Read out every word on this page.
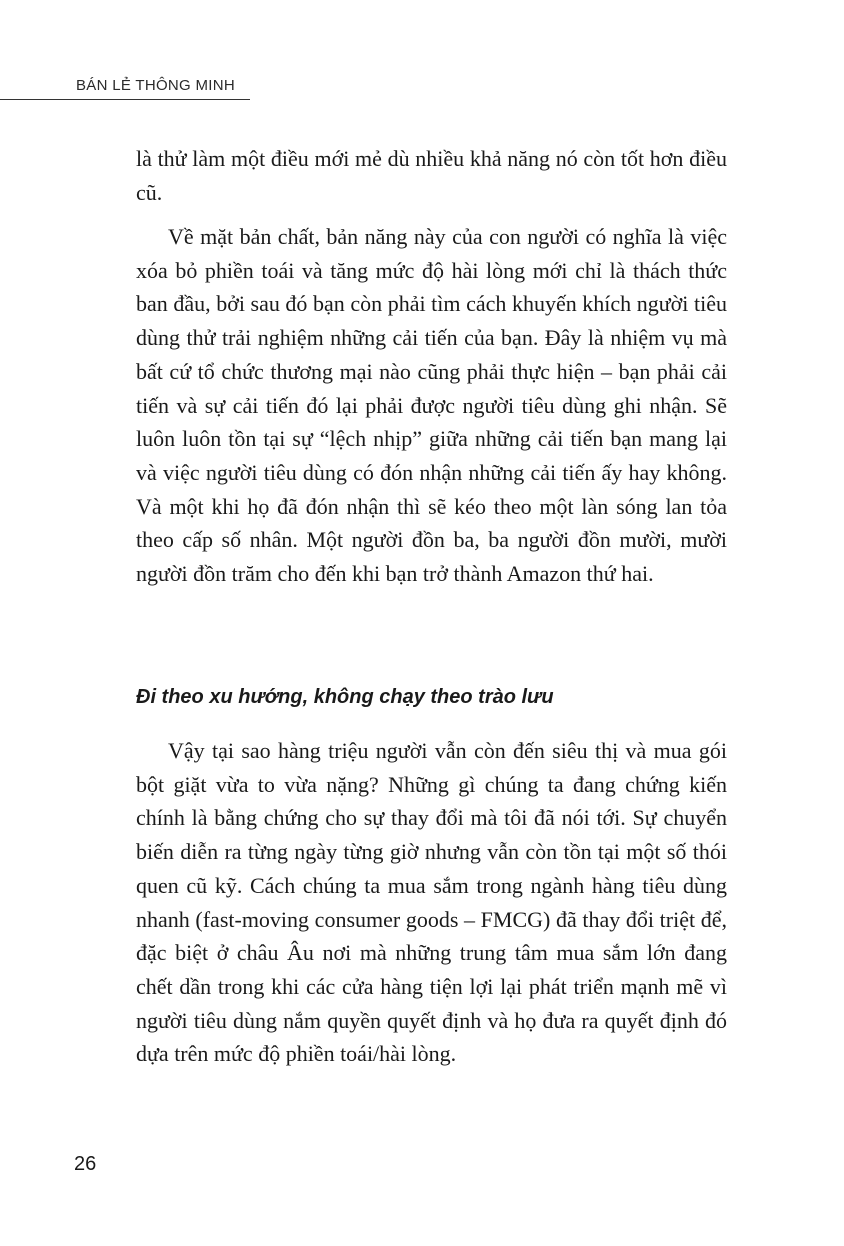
BÁN LẺ THÔNG MINH

là thử làm một điều mới mẻ dù nhiều khả năng nó còn tốt hơn điều cũ.

Về mặt bản chất, bản năng này của con người có nghĩa là việc xóa bỏ phiền toái và tăng mức độ hài lòng mới chỉ là thách thức ban đầu, bởi sau đó bạn còn phải tìm cách khuyến khích người tiêu dùng thử trải nghiệm những cải tiến của bạn. Đây là nhiệm vụ mà bất cứ tổ chức thương mại nào cũng phải thực hiện – bạn phải cải tiến và sự cải tiến đó lại phải được người tiêu dùng ghi nhận. Sẽ luôn luôn tồn tại sự “lệch nhịp” giữa những cải tiến bạn mang lại và việc người tiêu dùng có đón nhận những cải tiến ấy hay không. Và một khi họ đã đón nhận thì sẽ kéo theo một làn sóng lan tỏa theo cấp số nhân. Một người đồn ba, ba người đồn mười, mười người đồn trăm cho đến khi bạn trở thành Amazon thứ hai.

Đi theo xu hướng, không chạy theo trào lưu

Vậy tại sao hàng triệu người vẫn còn đến siêu thị và mua gói bột giặt vừa to vừa nặng? Những gì chúng ta đang chứng kiến chính là bằng chứng cho sự thay đổi mà tôi đã nói tới. Sự chuyển biến diễn ra từng ngày từng giờ nhưng vẫn còn tồn tại một số thói quen cũ kỹ. Cách chúng ta mua sắm trong ngành hàng tiêu dùng nhanh (fast-moving consumer goods – FMCG) đã thay đổi triệt để, đặc biệt ở châu Âu nơi mà những trung tâm mua sắm lớn đang chết dần trong khi các cửa hàng tiện lợi lại phát triển mạnh mẽ vì người tiêu dùng nắm quyền quyết định và họ đưa ra quyết định đó dựa trên mức độ phiền toái/hài lòng.

26
